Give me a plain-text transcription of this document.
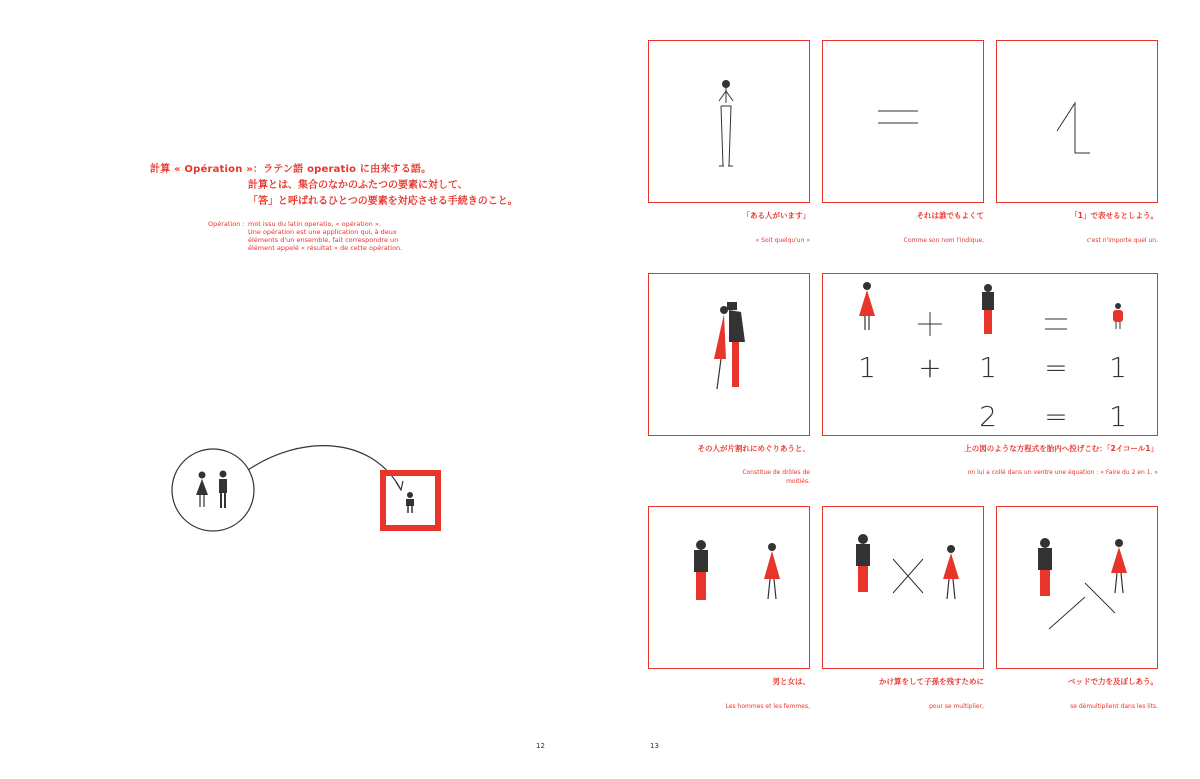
計算 « Opération »：ラテン語 operatio に由来する語。
計算とは、集合のなかのふたつの要素に対して、
「答」と呼ばれるひとつの要素を対応させる手続きのこと。
Opération : mot issu du latin operatio, « opération ».
Une opération est une application qui, à deux
éléments d'un ensemble, fait correspondre un
élément appelé « résultat » de cette opération.
12
「ある人がいます」	それは誰でもよくて	「1」で表せるとしよう。
« Soit quelqu'un »	Comme son nom l'indique,	c'est n'importe quel un.
1 + 1 = 1
2 = 1
その人が片割れにめぐりあうと、	上の図のような方程式を胎内へ投げこむ：「2イコール1」
Constitue de drôles de moitiés.
on lui a collé dans un ventre une équation : « Faire du 2 en 1. »
男と女は、	かけ算をして子孫を残すために	ベッドで力を及ぼしあう。
Les hommes et les femmes,	pour se multiplier,	se démultiplient dans les lits.
13
